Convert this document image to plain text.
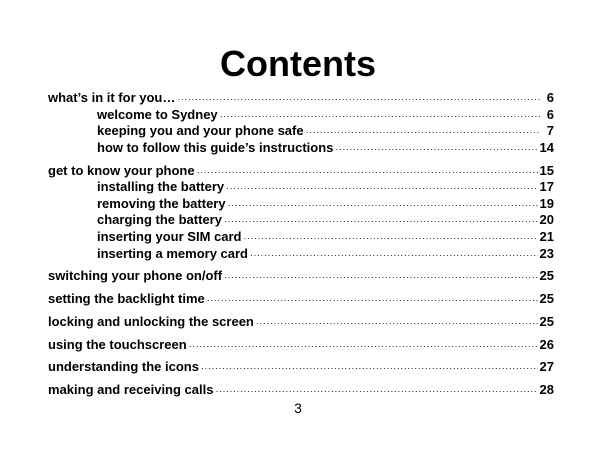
Contents
what’s in it for you… ·····	6
welcome to Sydney ·····	6
keeping you and your phone safe ·····	7
how to follow this guide’s instructions ·····	14
get to know your phone ·····	15
installing the battery ·····	17
removing the battery ·····	19
charging the battery ·····	20
inserting your SIM card ·····	21
inserting a memory card ·····	23
switching your phone on/off ·····	25
setting the backlight time ·····	25
locking and unlocking the screen ·····	25
using the touchscreen ·····	26
understanding the icons ·····	27
making and receiving calls ·····	28
3
